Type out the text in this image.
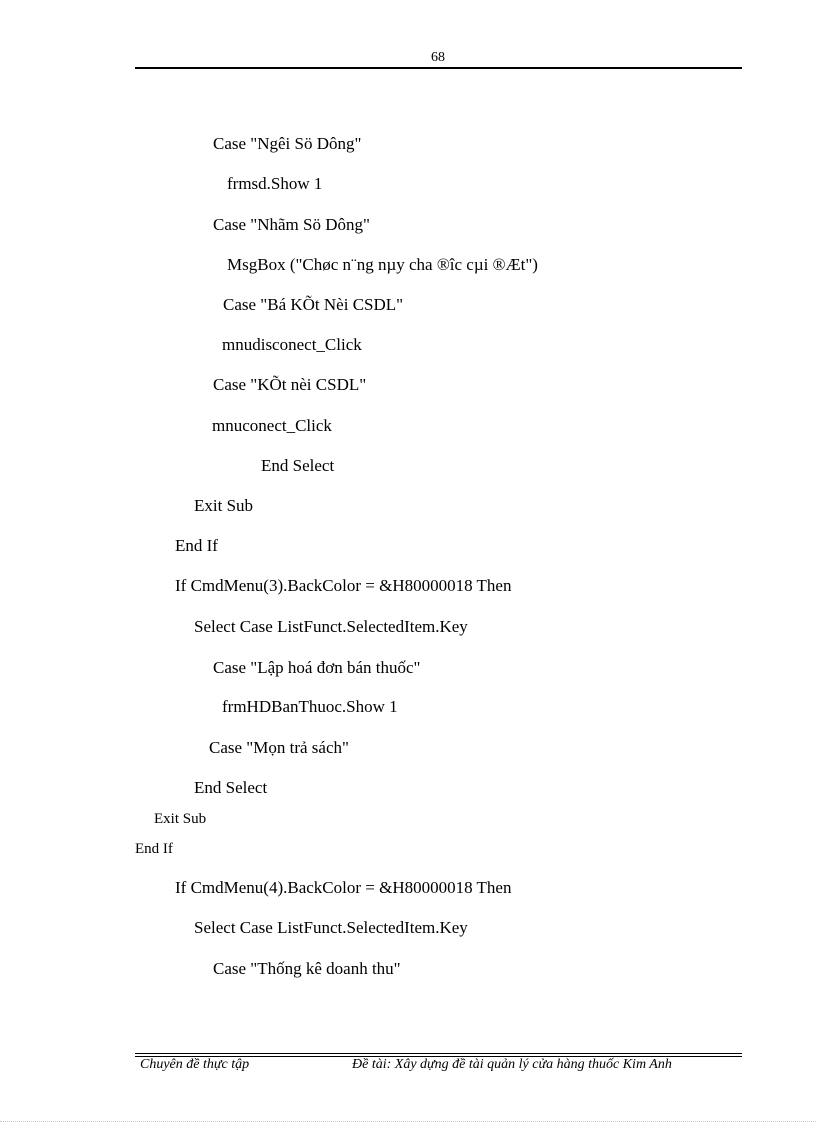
68
Case "Ngêi Sö Dông"
frmsd.Show 1
Case "Nhãm Sö Dông"
MsgBox ("Chøc n¨ng nµy cha ®îc cµi ®Æt")
Case "Bá KÕt Nèi CSDL"
mnudisconect_Click
Case "KÕt nèi CSDL"
mnuconect_Click
End Select
Exit Sub
End If
If CmdMenu(3).BackColor = &H80000018 Then
Select Case ListFunct.SelectedItem.Key
Case "Lập hoá đơn bán thuốc"
frmHDBanThuoc.Show 1
Case "Mọn trả sách"
End Select
Exit Sub
End If
If CmdMenu(4).BackColor = &H80000018 Then
Select Case ListFunct.SelectedItem.Key
Case "Thống kê doanh thu"
Chuyên đề thực tập	Đề tài: Xây dựng đề tài quản lý cửa hàng thuốc Kim Anh
